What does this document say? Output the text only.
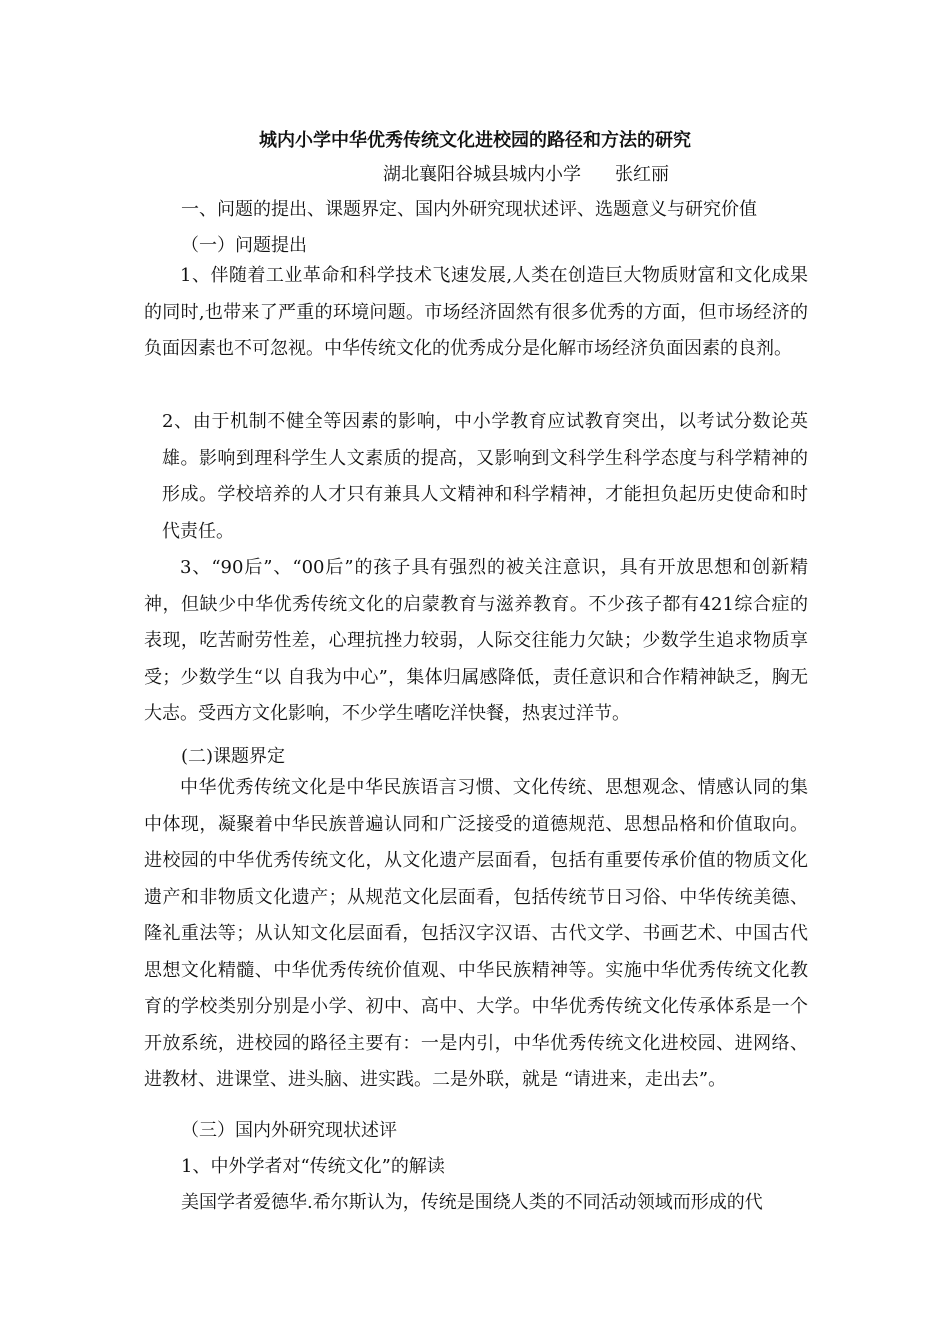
城内小学中华优秀传统文化进校园的路径和方法的研究
湖北襄阳谷城县城内小学 张红丽
一、问题的提出、课题界定、国内外研究现状述评、选题意义与研究价值
（一）问题提出
1、伴随着工业革命和科学技术飞速发展,人类在创造巨大物质财富和文化成果的同时,也带来了严重的环境问题。市场经济固然有很多优秀的方面，但市场经济的负面因素也不可忽视。中华传统文化的优秀成分是化解市场经济负面因素的良剂。
2、由于机制不健全等因素的影响，中小学教育应试教育突出，以考试分数论英雄。影响到理科学生人文素质的提高，又影响到文科学生科学态度与科学精神的形成。学校培养的人才只有兼具人文精神和科学精神，才能担负起历史使命和时代责任。
3、“90后”、“00后”的孩子具有强烈的被关注意识，具有开放思想和创新精神，但缺少中华优秀传统文化的启蒙教育与滋养教育。不少孩子都有421综合症的表现，吃苦耐劳性差，心理抗挫力较弱，人际交往能力欠缺；少数学生追求物质享受；少数学生“以 自我为中心”，集体归属感降低，责任意识和合作精神缺乏，胸无大志。受西方文化影响，不少学生嗜吃洋快餐，热衷过洋节。
(二)课题界定
中华优秀传统文化是中华民族语言习惯、文化传统、思想观念、情感认同的集中体现，凝聚着中华民族普遍认同和广泛接受的道德规范、思想品格和价值取向。进校园的中华优秀传统文化，从文化遗产层面看，包括有重要传承价值的物质文化遗产和非物质文化遗产；从规范文化层面看，包括传统节日习俗、中华传统美德、隆礼重法等；从认知文化层面看，包括汉字汉语、古代文学、书画艺术、中国古代思想文化精髓、中华优秀传统价值观、中华民族精神等。实施中华优秀传统文化教育的学校类别分别是小学、初中、高中、大学。中华优秀传统文化传承体系是一个开放系统，进校园的路径主要有：一是内引，中华优秀传统文化进校园、进网络、进教材、进课堂、进头脑、进实践。二是外联，就是 “请进来，走出去”。
（三）国内外研究现状述评
1、中外学者对“传统文化”的解读
美国学者爱德华.希尔斯认为，传统是围绕人类的不同活动领域而形成的代
